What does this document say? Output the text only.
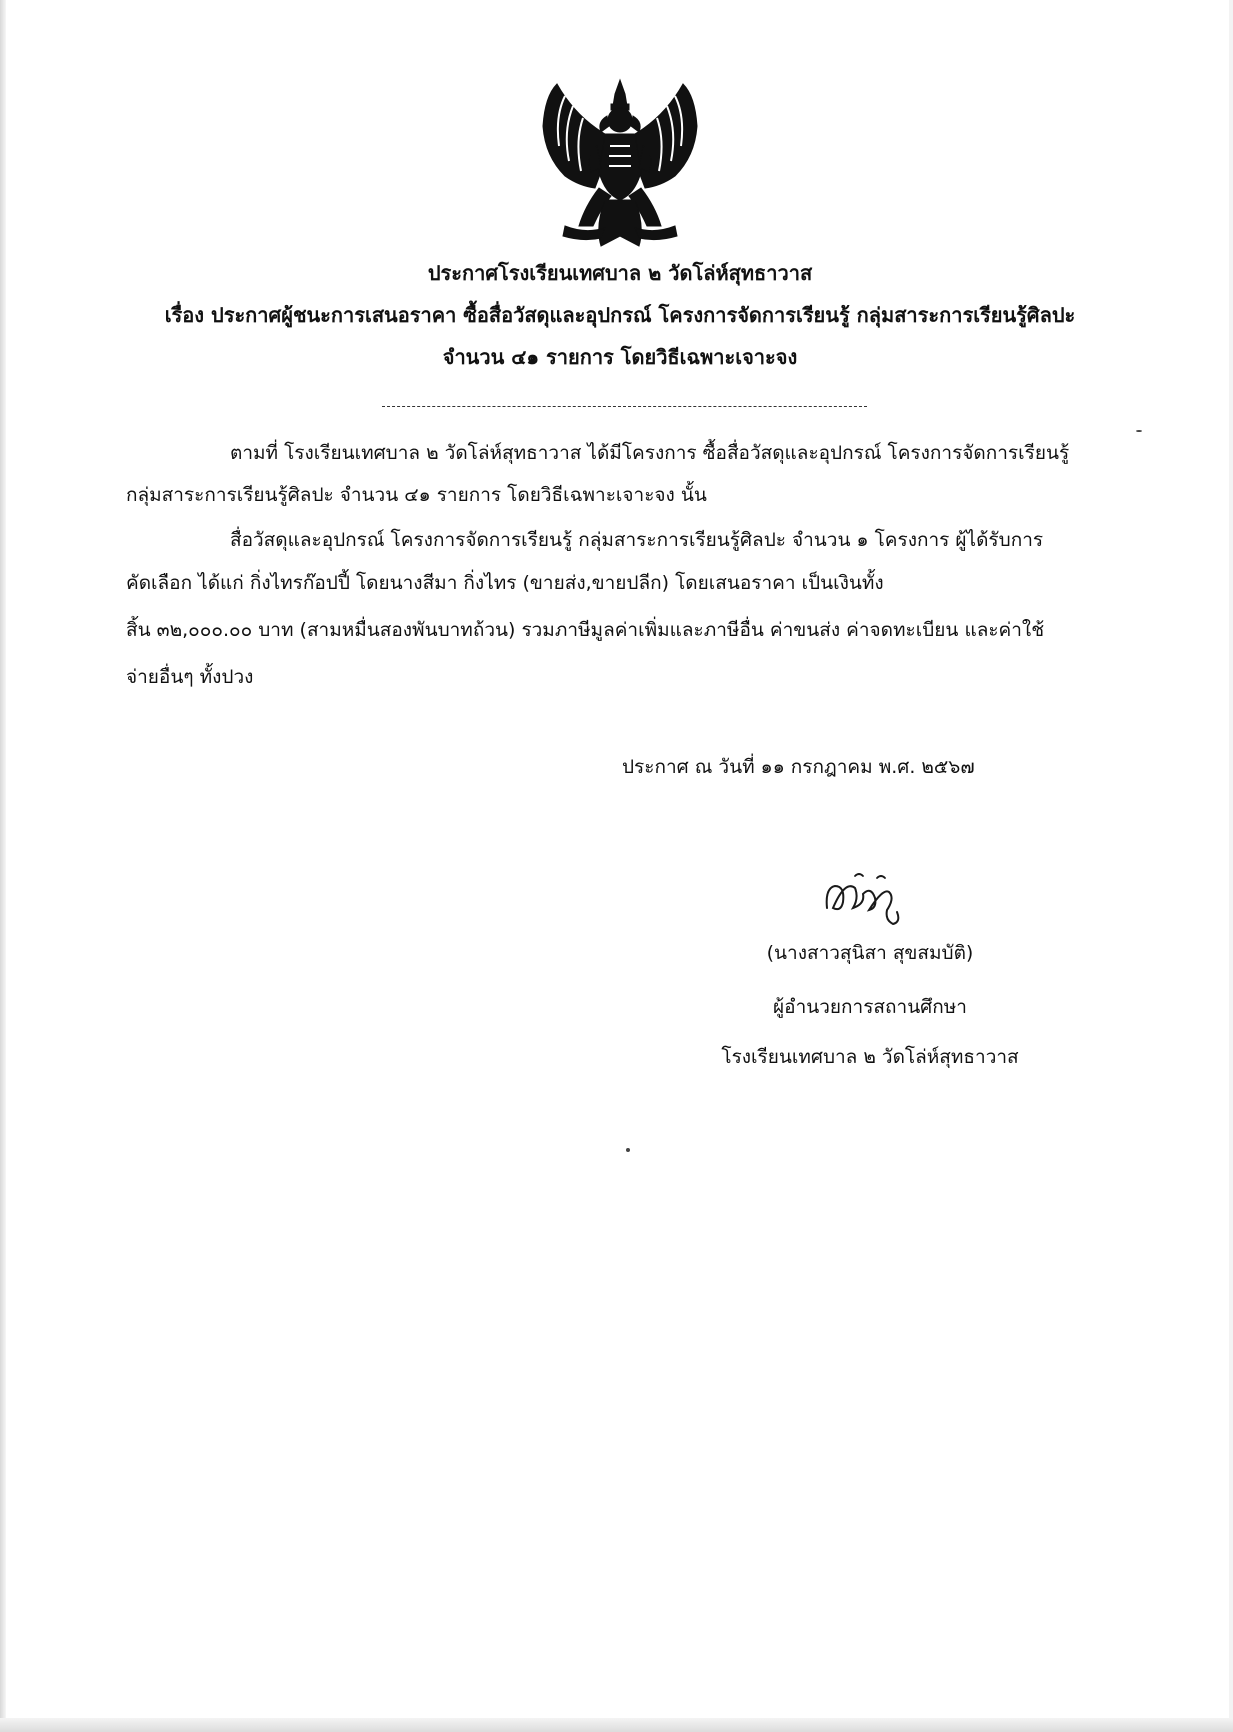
ประกาศโรงเรียนเทศบาล ๒ วัดโล่ห์สุทธาวาส
เรื่อง ประกาศผู้ชนะการเสนอราคา ซื้อสื่อวัสดุและอุปกรณ์ โครงการจัดการเรียนรู้ กลุ่มสาระการเรียนรู้ศิลปะ
จำนวน ๔๑ รายการ โดยวิธีเฉพาะเจาะจง
ตามที่ โรงเรียนเทศบาล ๒ วัดโล่ห์สุทธาวาส ได้มีโครงการ ซื้อสื่อวัสดุและอุปกรณ์ โครงการจัดการเรียนรู้
กลุ่มสาระการเรียนรู้ศิลปะ จำนวน ๔๑ รายการ โดยวิธีเฉพาะเจาะจง นั้น
สื่อวัสดุและอุปกรณ์ โครงการจัดการเรียนรู้ กลุ่มสาระการเรียนรู้ศิลปะ จำนวน ๑ โครงการ ผู้ได้รับการ
คัดเลือก ได้แก่ กิ่งไทรก๊อปปี้ โดยนางสีมา กิ่งไทร (ขายส่ง,ขายปลีก) โดยเสนอราคา เป็นเงินทั้ง
สิ้น ๓๒,๐๐๐.๐๐ บาท (สามหมื่นสองพันบาทถ้วน) รวมภาษีมูลค่าเพิ่มและภาษีอื่น ค่าขนส่ง ค่าจดทะเบียน และค่าใช้
จ่ายอื่นๆ ทั้งปวง
ประกาศ ณ วันที่ ๑๑ กรกฎาคม พ.ศ. ๒๕๖๗
(นางสาวสุนิสา สุขสมบัติ)
ผู้อำนวยการสถานศึกษา
โรงเรียนเทศบาล ๒ วัดโล่ห์สุทธาวาส
